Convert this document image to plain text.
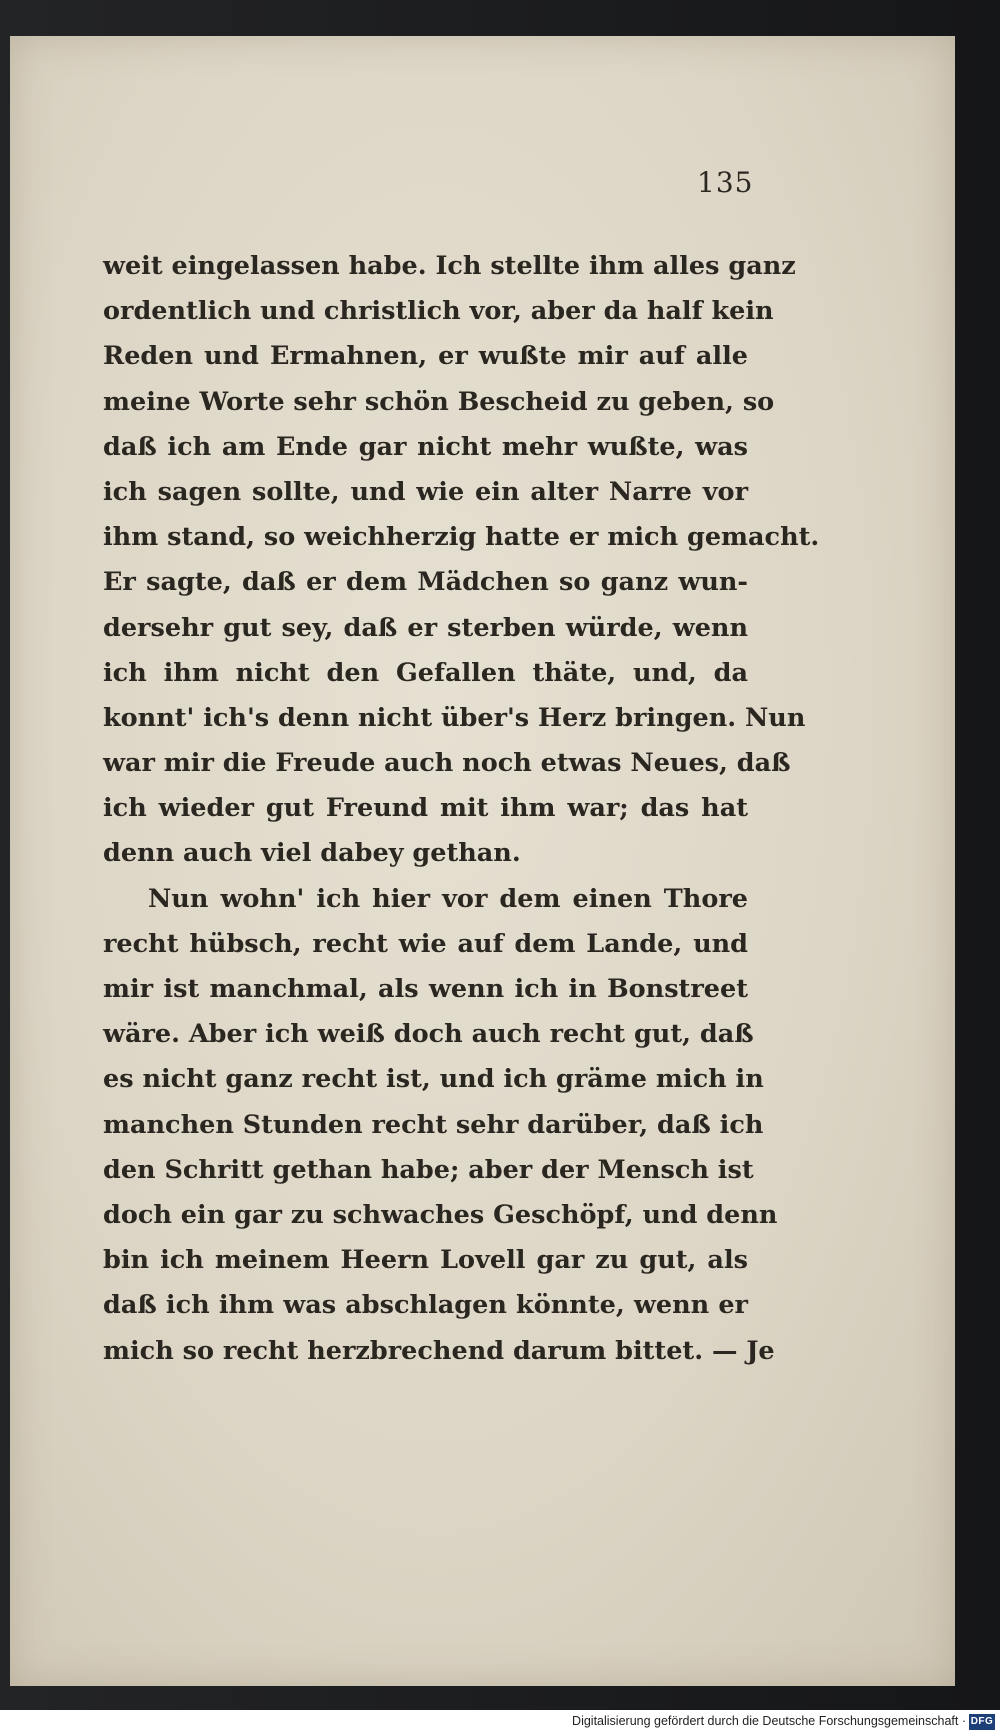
135
weit eingelassen habe. Ich stellte ihm alles ganz
ordentlich und christlich vor, aber da half kein
Reden und Ermahnen, er wußte mir auf alle
meine Worte sehr schön Bescheid zu geben, so
daß ich am Ende gar nicht mehr wußte, was
ich sagen sollte, und wie ein alter Narre vor
ihm stand, so weichherzig hatte er mich gemacht.
Er sagte, daß er dem Mädchen so ganz wun-
derseh​r gut sey, daß er sterben würde, wenn
ich ihm nicht den Gefallen thäte, und, da
konnt' ich's denn nicht über's Herz bringen. Nun
war mir die Freude auch noch etwas Neues, daß
ich wieder gut Freund mit ihm war; das hat
denn auch viel dabey gethan.
Nun wohn' ich hier vor dem einen Thore
recht hübsch, recht wie auf dem Lande, und
mir ist manchmal, als wenn ich in Bonstreet
wäre. Aber ich weiß doch auch recht gut, daß
es nicht ganz recht ist, und ich gräme mich in
manchen Stunden recht sehr darüber, daß ich
den Schritt gethan habe; aber der Mensch ist
doch ein gar zu schwaches Geschöpf, und denn
bin ich meinem Heern Lovell gar zu gut, als
daß ich ihm was abschlagen könnte, wenn er
mich so recht herzbrechend darum bittet. — Je
Digitalisierung gefördert durch die Deutsche Forschungsgemeinschaft · DFG
